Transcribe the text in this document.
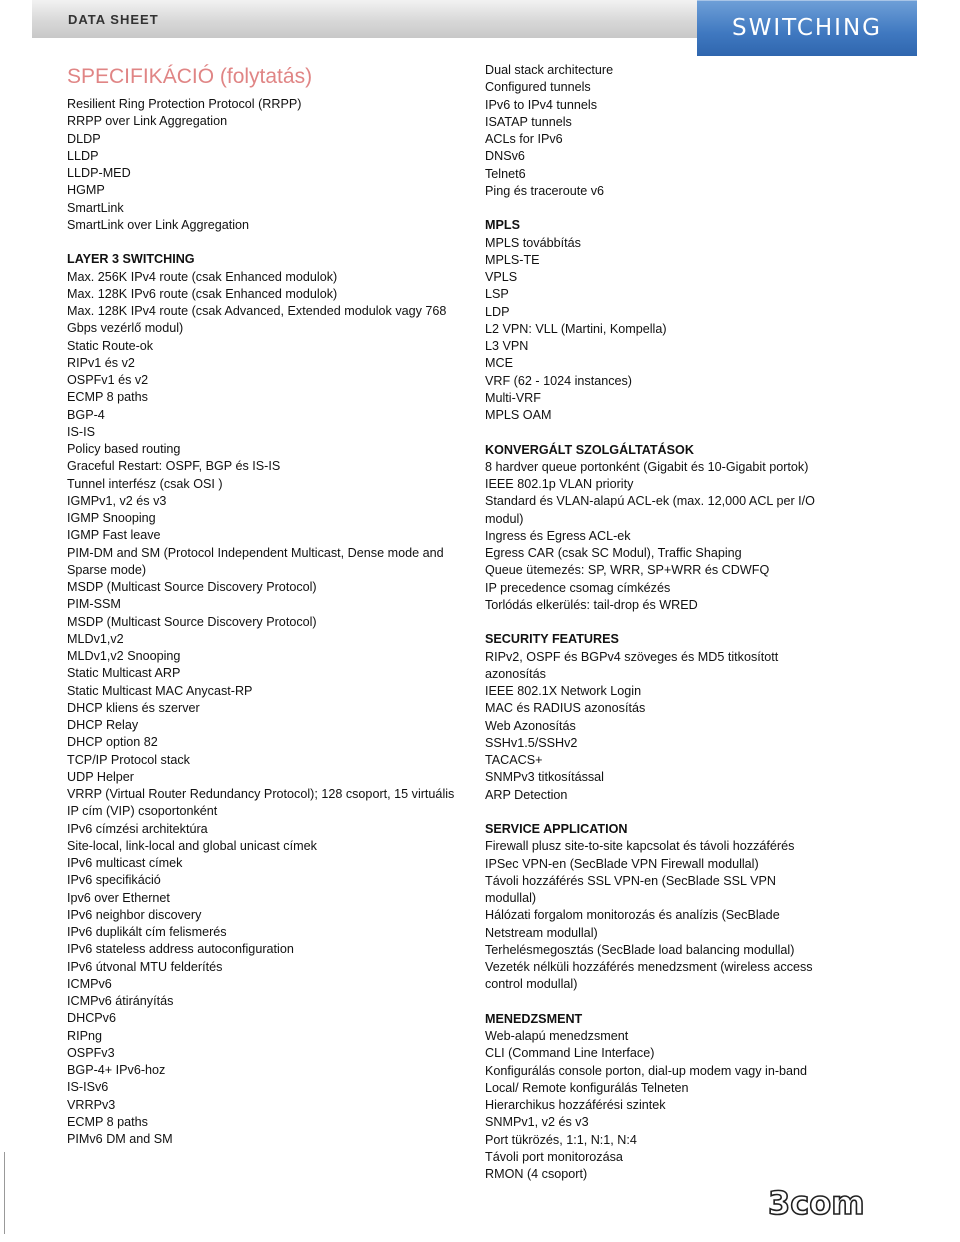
DATA SHEET	SWITCHING
SPECIFIKÁCIÓ (folytatás)
Resilient Ring Protection Protocol (RRPP)
RRPP over Link Aggregation
DLDP
LLDP
LLDP-MED
HGMP
SmartLink
SmartLink over Link Aggregation
LAYER 3 SWITCHING
Max. 256K IPv4 route (csak Enhanced modulok)
Max. 128K IPv6 route (csak Enhanced modulok)
Max. 128K IPv4 route (csak Advanced, Extended modulok vagy 768 Gbps vezérlő modul)
Static Route-ok
RIPv1 és v2
OSPFv1 és v2
ECMP 8 paths
BGP-4
IS-IS
Policy based routing
Graceful Restart: OSPF, BGP és IS-IS
Tunnel interfész (csak OSI )
IGMPv1, v2 és v3
IGMP Snooping
IGMP Fast leave
PIM-DM and SM (Protocol Independent Multicast, Dense mode and Sparse mode)
MSDP (Multicast Source Discovery Protocol)
PIM-SSM
MSDP (Multicast Source Discovery Protocol)
MLDv1,v2
MLDv1,v2 Snooping
Static Multicast ARP
Static Multicast MAC Anycast-RP
DHCP kliens és szerver
DHCP Relay
DHCP option 82
TCP/IP Protocol stack
UDP Helper
VRRP (Virtual Router Redundancy Protocol); 128 csoport, 15 virtuális IP cím (VIP) csoportonként
IPv6 címzési architektúra
Site-local, link-local and global unicast címek
IPv6 multicast címek
IPv6 specifikáció
Ipv6 over Ethernet
IPv6 neighbor discovery
IPv6 duplikált cím felismerés
IPv6 stateless address autoconfiguration
IPv6 útvonal MTU felderítés
ICMPv6
ICMPv6 átirányítás
DHCPv6
RIPng
OSPFv3
BGP-4+ IPv6-hoz
IS-ISv6
VRRPv3
ECMP 8 paths
PIMv6 DM and SM
Dual stack architecture
Configured tunnels
IPv6 to IPv4 tunnels
ISATAP tunnels
ACLs for IPv6
DNSv6
Telnet6
Ping és traceroute v6
MPLS
MPLS továbbítás
MPLS-TE
VPLS
LSP
LDP
L2 VPN: VLL (Martini, Kompella)
L3 VPN
MCE
VRF (62 - 1024 instances)
Multi-VRF
MPLS OAM
KONVERGÁLT SZOLGÁLTATÁSOK
8 hardver queue portonként (Gigabit és 10-Gigabit portok)
IEEE 802.1p VLAN priority
Standard és VLAN-alapú ACL-ek (max. 12,000 ACL per I/O modul)
Ingress és Egress ACL-ek
Egress CAR (csak SC Modul), Traffic Shaping
Queue ütemezés: SP, WRR, SP+WRR és CDWFQ
IP precedence csomag címkézés
Torlódás elkerülés: tail-drop és WRED
SECURITY FEATURES
RIPv2, OSPF és BGPv4 szöveges és MD5 titkosított azonosítás
IEEE 802.1X Network Login
MAC és RADIUS azonosítás
Web Azonosítás
SSHv1.5/SSHv2
TACACS+
SNMPv3 titkosítással
ARP Detection
SERVICE APPLICATION
Firewall plusz site-to-site kapcsolat és távoli hozzáférés IPSec VPN-en (SecBlade VPN Firewall modullal)
Távoli hozzáférés SSL VPN-en (SecBlade SSL VPN modullal)
Hálózati forgalom monitorozás és analízis (SecBlade Netstream modullal)
Terhelésmegosztás (SecBlade load balancing modullal)
Vezeték nélküli hozzáférés menedzsment (wireless access control modullal)
MENEDZSMENT
Web-alapú menedzsment
CLI (Command Line Interface)
Konfigurálás console porton, dial-up modem vagy in-band
Local/ Remote konfigurálás Telneten
Hierarchikus hozzáférési szintek
SNMPv1, v2 és v3
Port tükrözés, 1:1, N:1, N:4
Távoli port monitorozása
RMON (4 csoport)
3com
